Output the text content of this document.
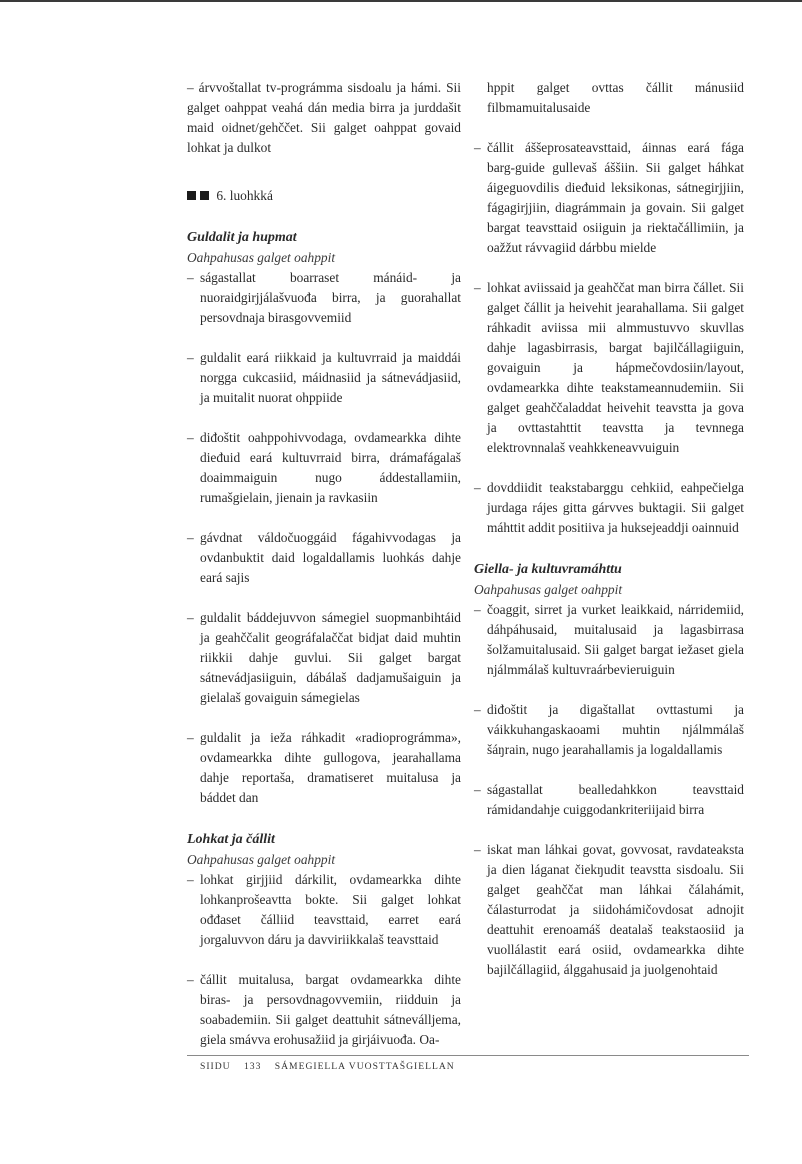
– árvvoštallat tv-prográmma sisdoalu ja hámi. Sii galget oahppat veahá dán media birra ja jurddašit maid oidnet/gehččet. Sii galget oahppat govaid lohkat ja dulkot

6. luohkká

Guldalit ja hupmat

Oahpahusas galget oahppit

– ságastallat boarraset mánáid- ja nuoraidgirjjálašvuođa birra, ja guorahallat persovdnaja birasgovvemiid

– guldalit eará riikkaid ja kultuvrraid ja maiddái norgga cukcasiid, máidnasiid ja sátnevádjasiid, ja muitalit nuorat ohppiide

– diđoštit oahppohivvodaga, ovdamearkka dihte dieđuid eará kultuvrraid birra, drámafágalaš doaimmaiguin nugo áddestallamiin, rumašgielain, jienain ja ravkasiin

– gávdnat váldočuoggáid fágahivvodagas ja ovdanbuktit daid logaldallamis luohkás dahje eará sajis

– guldalit báddejuvvon sámegiel suopmanbihtáid ja geahččalit geográfalaččat bidjat daid muhtin riikkii dahje guvlui. Sii galget bargat sátnevádjasiiguin, dábálaš dadjamušaiguin ja gielalaš govaiguin sámegielas

– guldalit ja ieža ráhkadit «radioprográmma», ovdamearkka dihte gullogova, jearahallama dahje reportaša, dramatiseret muitalusa ja báddet dan

Lohkat ja čállit

Oahpahusas galget oahppit

– lohkat girjjiid dárkilit, ovdamearkka dihte lohkanprošeavtta bokte. Sii galget lohkat ođđaset čálliid teavsttaid, earret eará jorgaluvvon dáru ja davviriikkalaš teavsttaid

– čállit muitalusa, bargat ovdamearkka dihte biras- ja persovdnagovvemiin, riidduin ja soabademiin. Sii galget deattuhit sátneválljema, giela smávva erohusažiid ja girjáivuođa. Oa-

hppit galget ovttas čállit mánusiid filbmamuitalusaide

– čállit áššeprosateavsttaid, áinnas eará fága barg-guide gullevaš áššiin. Sii galget háhkat áigeguovdilis dieđuid leksikonas, sátnegirjjiin, fágagirjjiin, diagrámmain ja govain. Sii galget bargat teavsttaid osiiguin ja riektačállimiin, ja oažžut rávvagiid dárbbu mielde

– lohkat aviissaid ja geahččat man birra čállet. Sii galget čállit ja heivehit jearahallama. Sii galget ráhkadit aviissa mii almmustuvvo skuvllas dahje lagasbirrasis, bargat bajilčállagiiguin, govaiguin ja hápmečovdosiin/layout, ovdamearkka dihte teakstameannudemiin. Sii galget geahččaladdat heivehit teavstta ja gova ja ovttastahttit teavstta ja tevnnega elektrovnnalaš veahkkeneavvuiguin

– dovddiidit teakstabarggu cehkiid, eahpečielga jurdaga rájes gitta gárvves buktagii. Sii galget máhttit addit positiiva ja huksejeaddji oainnuid

Giella- ja kultuvramáhttu

Oahpahusas galget oahppit

– čoaggit, sirret ja vurket leaikkaid, nárridemiid, dáhpáhusaid, muitalusaid ja lagasbirrasa šolžamuitalusaid. Sii galget bargat iežaset giela njálmmálaš kultuvraárbevieruiguin

– diđoštit ja digaštallat ovttastumi ja váikkuhangaskaoami muhtin njálmmálaš šáŋrain, nugo jearahallamis ja logaldallamis

– ságastallat bealledahkkon teavsttaid rámidandahje cuiggodankriteriijaid birra

– iskat man láhkai govat, govvosat, ravdateaksta ja dien láganat čiekŋudit teavstta sisdoalu. Sii galget geahččat man láhkai čálahámit, čálasturrodat ja siidohámičovdosat adnojit deattuhit erenoamáš deatalaš teakstaosiid ja vuollálastit eará osiid, ovdamearkka dihte bajilčállagiid, álggahusaid ja juolgenohtaid

SIIDU 133 SÁMEGIELLA VUOSTTAŠGIELLAN
